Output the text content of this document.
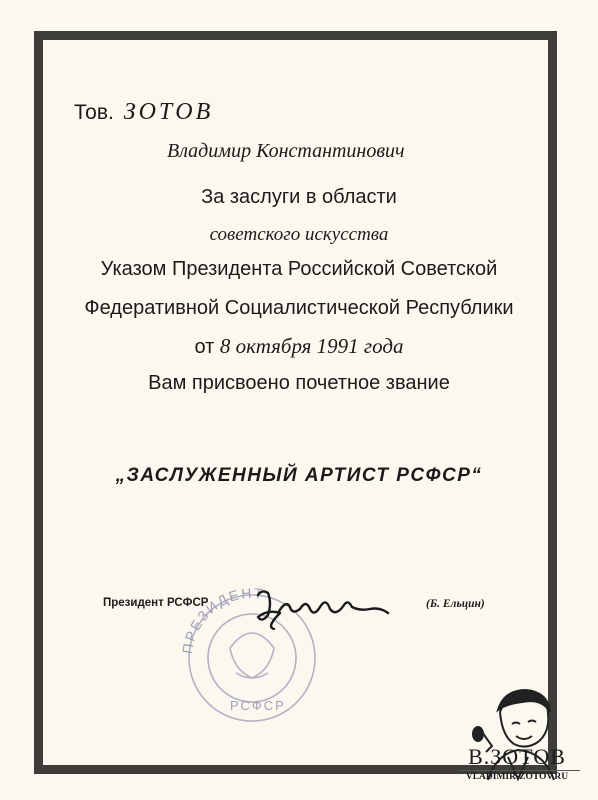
Тов. ЗОТОВ
Владимир Константинович
За заслуги в области
советского искусства
Указом Президента Российской Советской
Федеративной Социалистической Республики
от 8 октября 1991 года
Вам присвоено почетное звание
„ЗАСЛУЖЕННЫЙ АРТИСТ РСФСР“
ПРЕЗИДЕНТ
РСФСР
Президент РСФСР	(Б. Ельцин)
В.ЗОТОВ
VLADIMIR-ZOTOV.RU
